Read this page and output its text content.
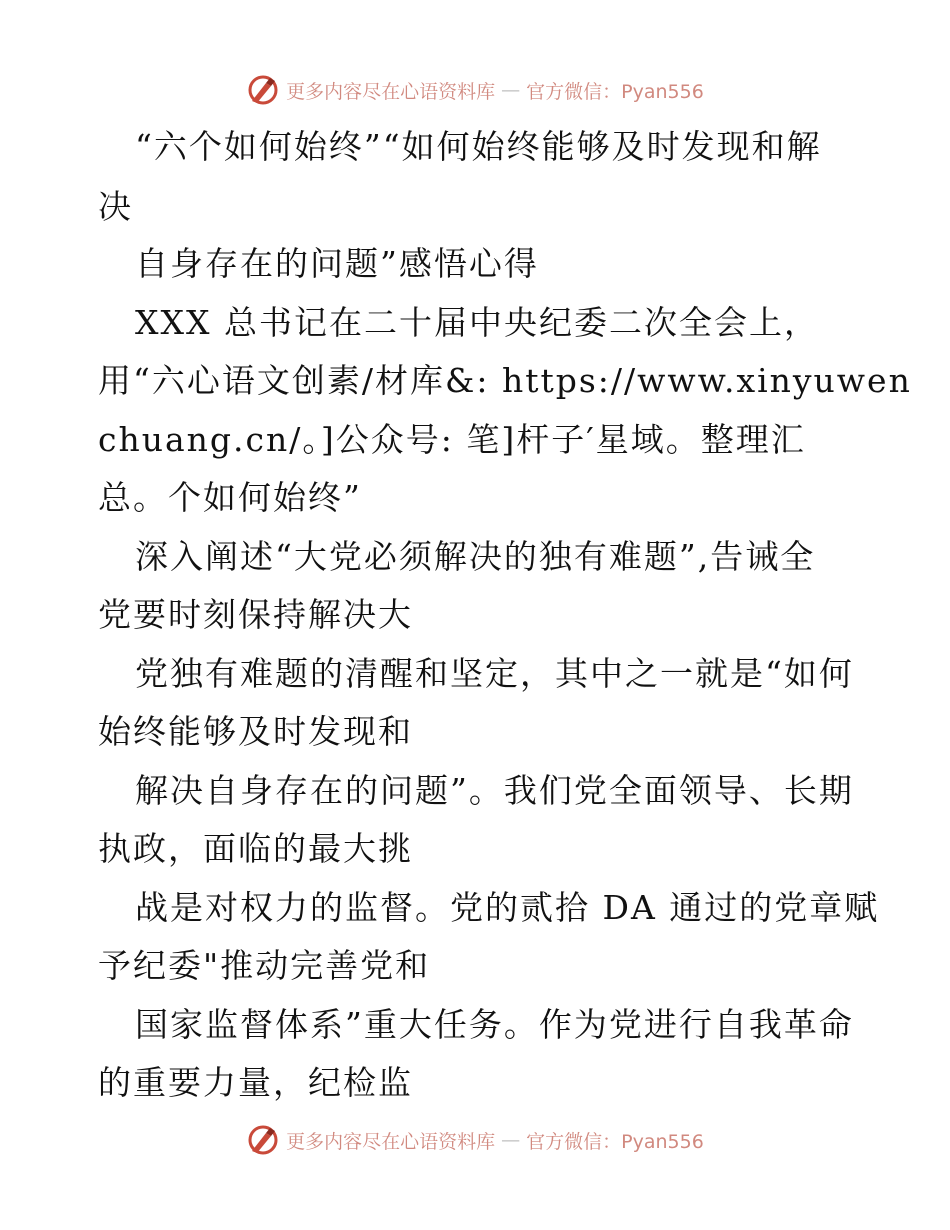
更多内容尽在心语资料库 — 官方微信：Pyan556
“六个如何始终”“如何始终能够及时发现和解
决
自身存在的问题”感悟心得
XXX 总书记在二十届中央纪委二次全会上，
用“六心语文创素/材库&: https://www.xinyuwen
chuang.cn/。]公众号: 笔]杆子′星域。整理汇
总。个如何始终”
深入阐述“大党必须解决的独有难题”,告诫全
党要时刻保持解决大
党独有难题的清醒和坚定，其中之一就是“如何
始终能够及时发现和
解决自身存在的问题”。我们党全面领导、长期
执政，面临的最大挑
战是对权力的监督。党的贰拾 DA 通过的党章赋
予纪委"推动完善党和
国家监督体系”重大任务。作为党进行自我革命
的重要力量，纪检监
更多内容尽在心语资料库 — 官方微信：Pyan556
